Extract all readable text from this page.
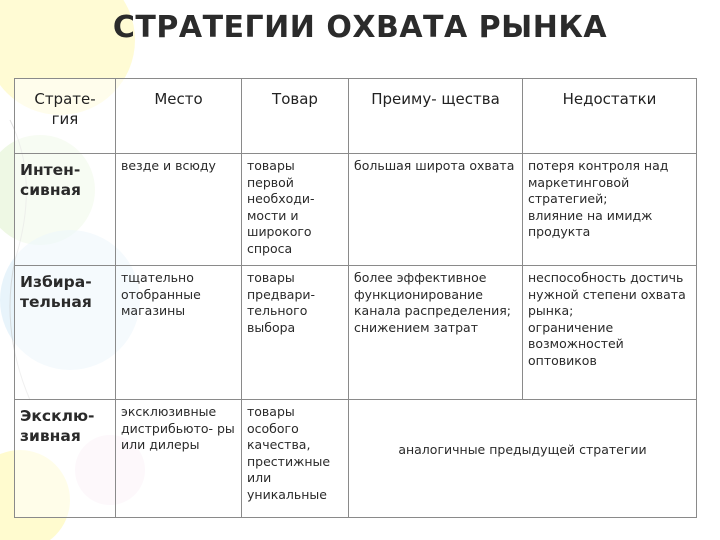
СТРАТЕГИИ ОХВАТА РЫНКА
Страте- гия	Место	Товар	Преиму- щества	Недостатки
Интен- сивная	везде и всюду	товары первой необходи- мости и широкого спроса	большая широта охвата	потеря контроля над маркетинговой стратегией;
влияние на имидж продукта

Избира- тельная	тщательно отобранные магазины	товары предвари- тельного выбора	более эффективное функционирование канала распределения; снижением затрат	неспособность достичь нужной степени охвата рынка;
ограничение возможностей оптовиков

Эксклю- зивная	эксклюзивные дистрибьюто- ры или дилеры	товары особого качества, престижные или уникальные	аналогичные предыдущей стратегии	
